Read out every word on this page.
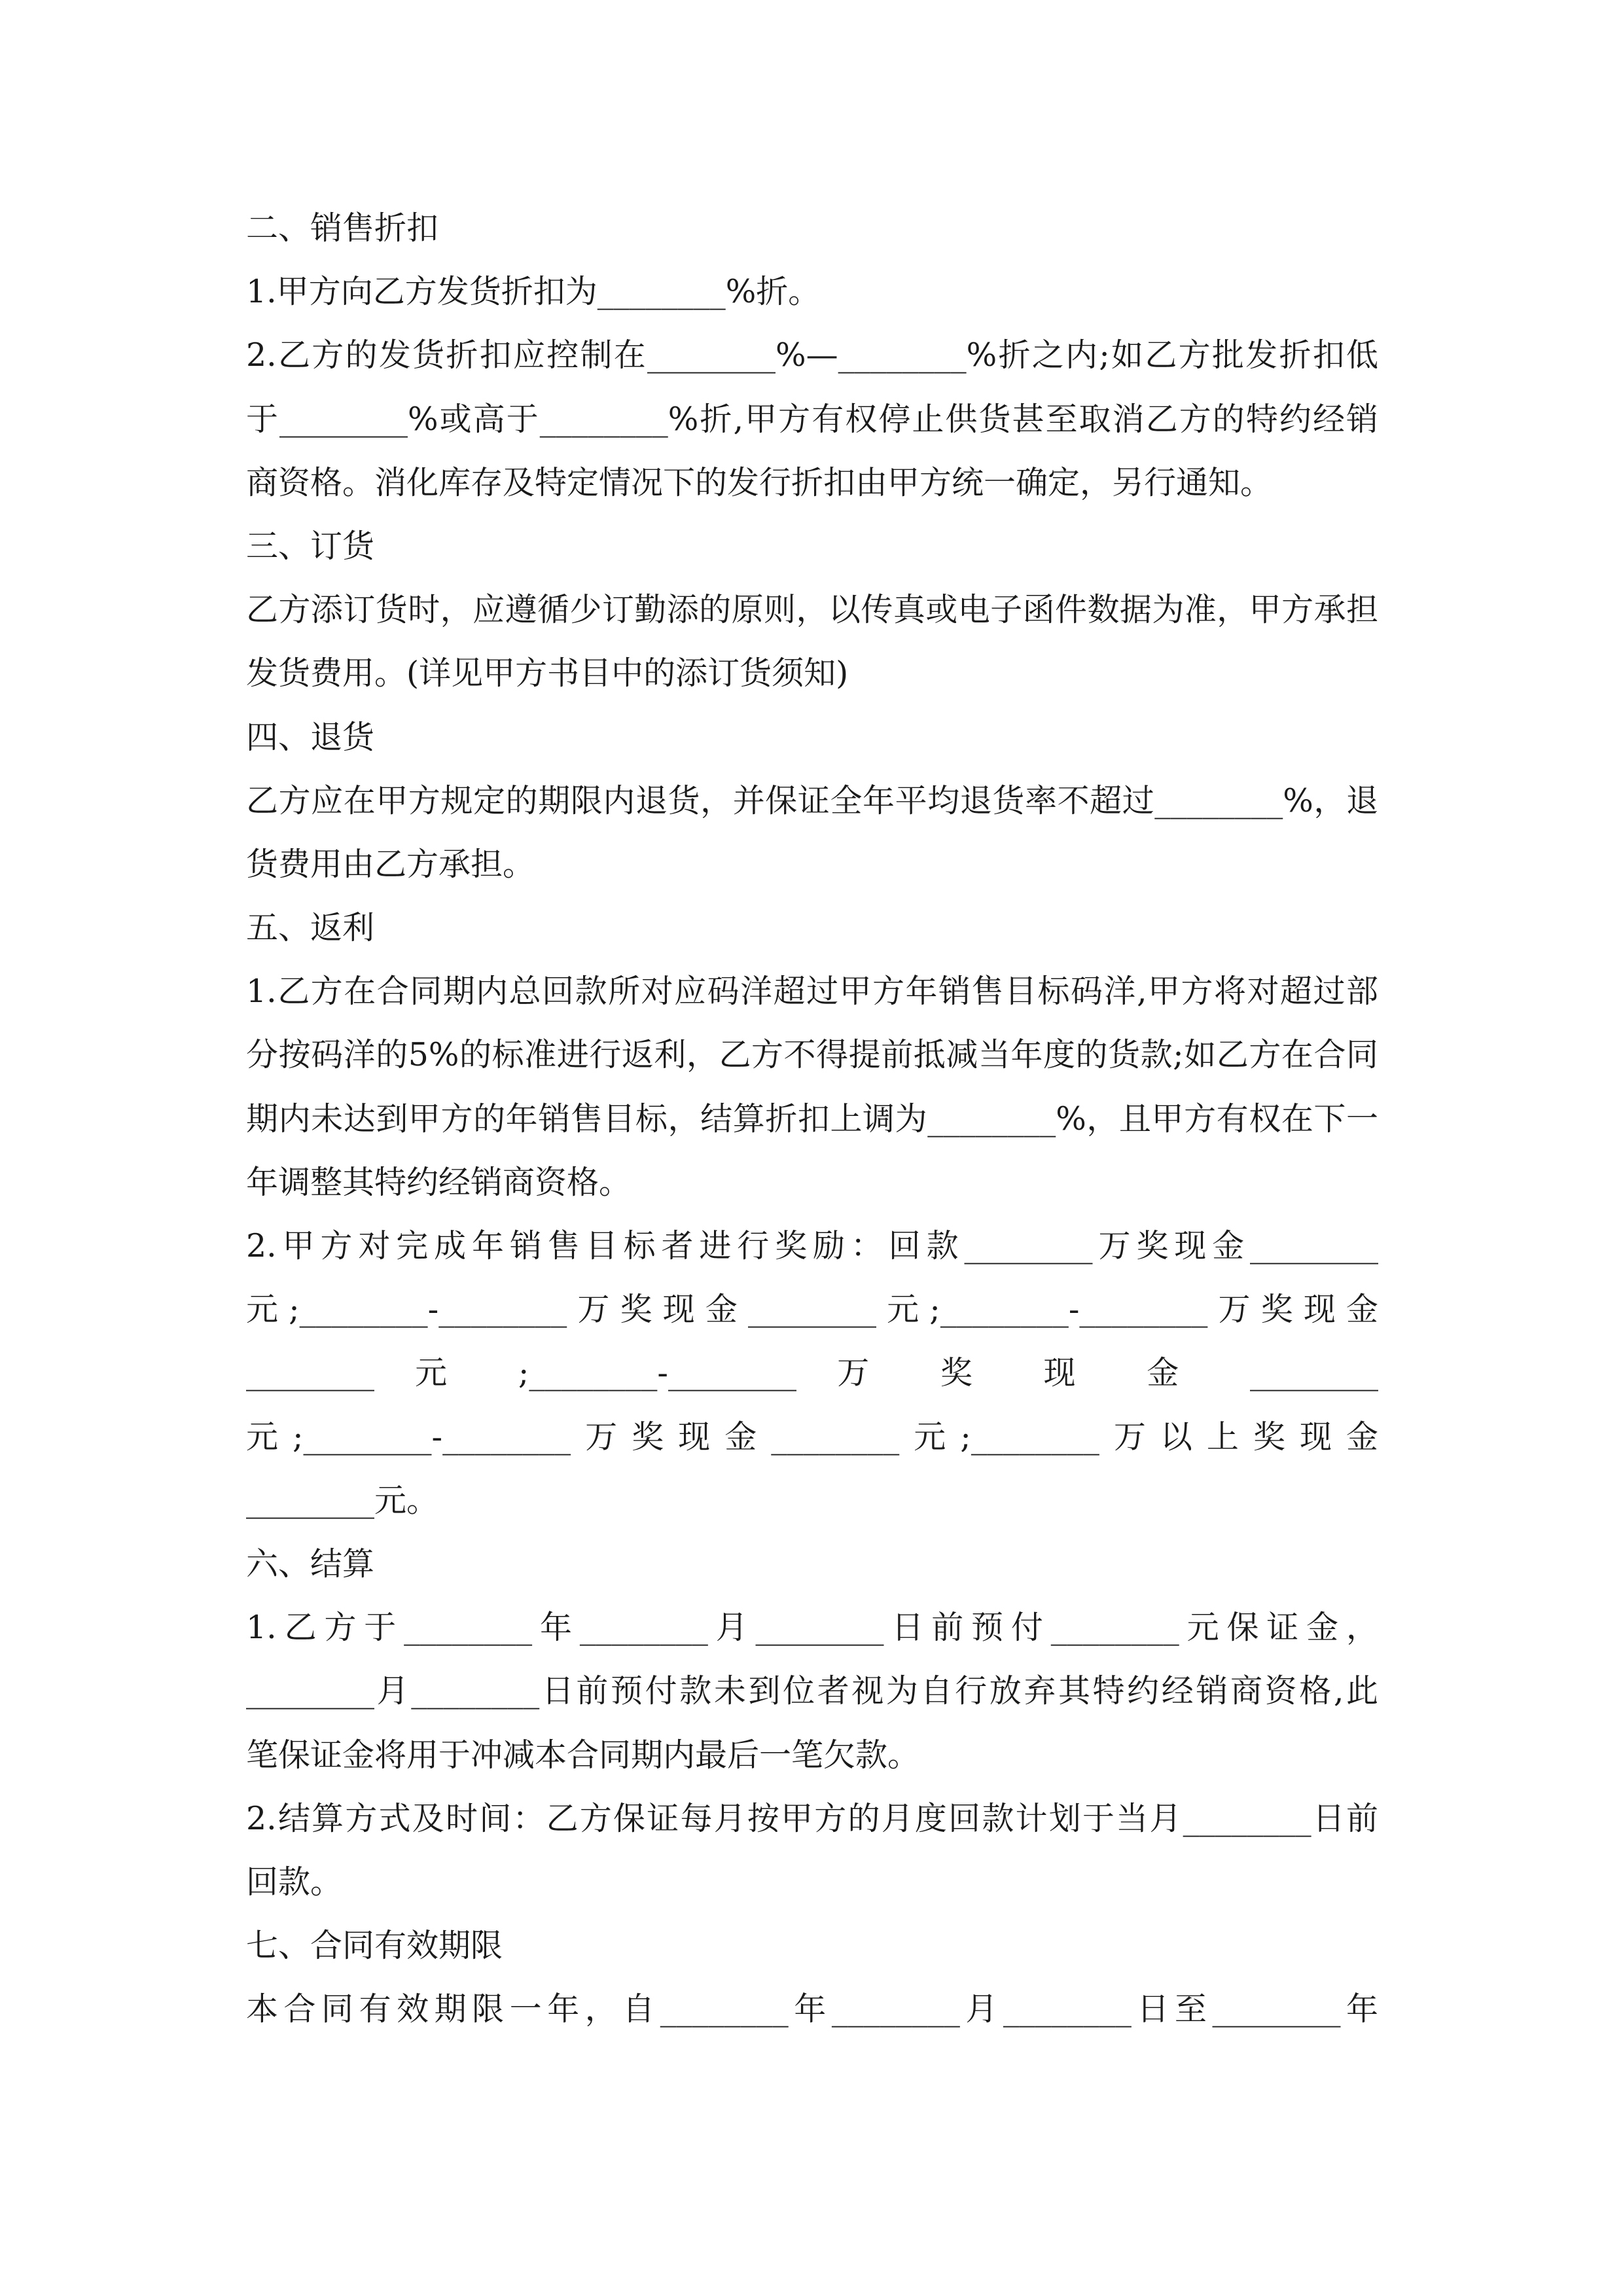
二、销售折扣
1.甲方向乙方发货折扣为________%折。
2.乙方的发货折扣应控制在________%—________%折之内;如乙方批发折扣低
于________%或高于________%折,甲方有权停止供货甚至取消乙方的特约经销
商资格。消化库存及特定情况下的发行折扣由甲方统一确定，另行通知。
三、订货
乙方添订货时，应遵循少订勤添的原则，以传真或电子函件数据为准，甲方承担
发货费用。(详见甲方书目中的添订货须知)
四、退货
乙方应在甲方规定的期限内退货，并保证全年平均退货率不超过________%，退
货费用由乙方承担。
五、返利
1.乙方在合同期内总回款所对应码洋超过甲方年销售目标码洋,甲方将对超过部
分按码洋的5%的标准进行返利，乙方不得提前抵减当年度的货款;如乙方在合同
期内未达到甲方的年销售目标，结算折扣上调为________%，且甲方有权在下一
年调整其特约经销商资格。
2.甲方对完成年销售目标者进行奖励：回款________万奖现金________
元;________-________万奖现金________元;________-________万奖现金
________ 元 ;________-________ 万 奖 现 金 ________
元;________-________万奖现金________元;________万以上奖现金
________元。
六、结算
1.乙方于________年________月________日前预付________元保证金，
________月________日前预付款未到位者视为自行放弃其特约经销商资格,此
笔保证金将用于冲减本合同期内最后一笔欠款。
2.结算方式及时间：乙方保证每月按甲方的月度回款计划于当月________日前
回款。
七、合同有效期限
本合同有效期限一年，自________年________月________日至________年
